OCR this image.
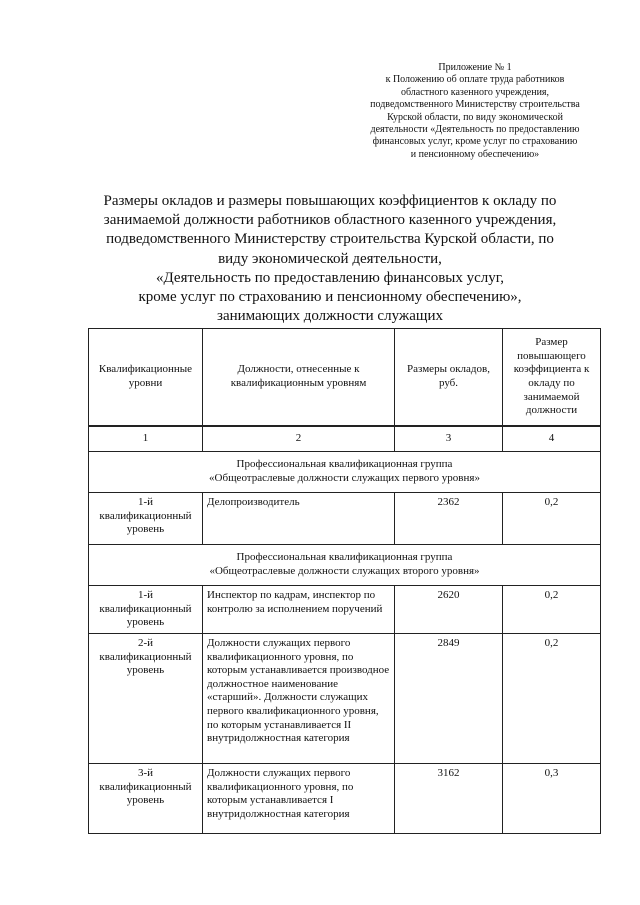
Приложение № 1
к Положению об оплате труда работников
областного казенного учреждения,
подведомственного Министерству строительства
Курской области, по виду экономической
деятельности «Деятельность по предоставлению
финансовых услуг, кроме услуг по страхованию
и пенсионному обеспечению»
Размеры окладов и размеры повышающих коэффициентов к окладу по
занимаемой должности работников областного казенного учреждения,
подведомственного Министерству строительства Курской области, по
виду экономической деятельности,
«Деятельность по предоставлению финансовых услуг,
кроме услуг по страхованию и пенсионному обеспечению»,
занимающих должности служащих
Квалификационные уровни	Должности, отнесенные к квалификационным уровням	Размеры окладов, руб.	Размер повышающего коэффициента к окладу по занимаемой должности
1	2	3	4

Профессиональная квалификационная группа
«Общеотраслевые должности служащих первого уровня»			

1-й квалификационный уровень	Делопроизводитель	2362	0,2

Профессиональная квалификационная группа
«Общеотраслевые должности служащих второго уровня»			

1-й квалификационный уровень	Инспектор по кадрам, инспектор по контролю за исполнением поручений	2620	0,2
2-й квалификационный уровень	Должности служащих первого квалификационного уровня, по которым устанавливается производное должностное наименование «старший». Должности служащих первого квалификационного уровня, по которым устанавливается II внутридолжностная категория	2849	0,2
3-й квалификационный уровень	Должности служащих первого квалификационного уровня, по которым устанавливается I внутридолжностная категория	3162	0,3
